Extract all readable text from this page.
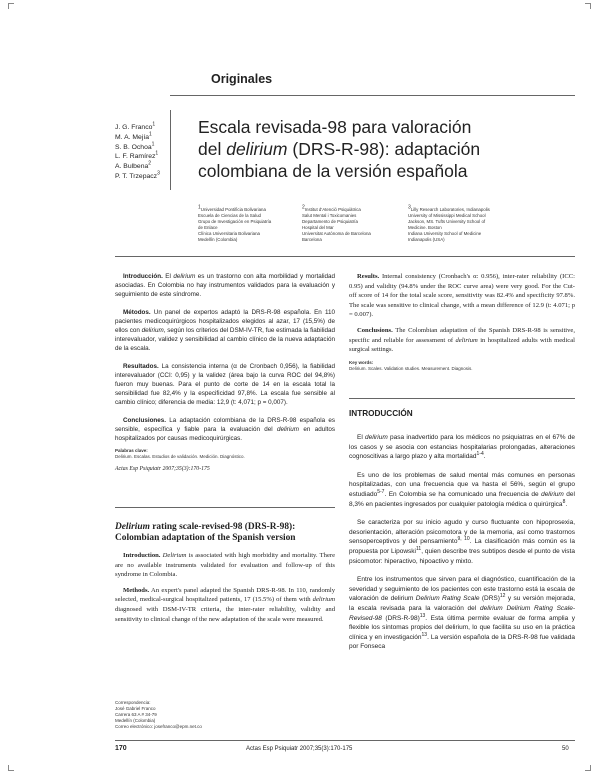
Originales
J. G. Franco$^1$
M. A. Mejía$^1$
S. B. Ochoa$^1$
L. F. Ramírez$^1$
A. Bulbena$^2$
P. T. Trzepacz$^3$
Escala revisada-98 para valoración
del delirium (DRS-R-98): adaptación
colombiana de la versión española
$^1$Universidad Pontificia Bolivariana
Escuela de Ciencias de la Salud
Grupo de Investigación en Psiquiatría
de Enlace
Clínica Universitaria Bolivariana
Medellín (Colombia)
$^2$Institut d'Atenció Psiquiàtrica
Salut Mental i Toxicomanies
Departamento de Psiquiatría
Hospital del Mar
Universitat Autónoma de Barcelona
Barcelona
$^3$Lilly Research Laboratories, Indianapolis
University of Mississippi Medical School
Jackson, MS. Tufts University School of
Medicine. Boston
Indiana University School of Medicine
Indianapolis (USA)

Introducción. El delirium es un trastorno con alta morbilidad y mortalidad asociadas. En Colombia no hay instrumentos validados para la evaluación y seguimiento de este síndrome.

Métodos. Un panel de expertos adaptó la DRS-R-98 española. En 110 pacientes medicoquirúrgicos hospitalizados elegidos al azar, 17 (15,5%) de ellos con delirium, según los criterios del DSM-IV-TR, fue estimada la fiabilidad interevaluador, validez y sensibilidad al cambio clínico de la nueva adaptación de la escala.

Resultados. La consistencia interna (α de Cronbach 0,956), la fiabilidad interevaluador (CCI: 0,95) y la validez (área bajo la curva ROC del 94,8%) fueron muy buenas. Para el punto de corte de 14 en la escala total la sensibilidad fue 82,4% y la especificidad 97,8%. La escala fue sensible al cambio clínico; diferencia de media: 12,9 (t: 4,071; p = 0,007).

Conclusiones. La adaptación colombiana de la DRS-R-98 española es sensible, específica y fiable para la evaluación del delirium en adultos hospitalizados por causas medicoquirúrgicas.

Palabras clave:
Delirium. Escalas. Estudios de validación. Medición. Diagnóstico.
Actas Esp Psiquiatr 2007;35(3):170-175
Delirium rating scale-revised-98 (DRS-R-98):
Colombian adaptation of the Spanish version

Introduction. Delirium is associated with high morbidity and mortality. There are no available instruments validated for evaluation and follow-up of this syndrome in Colombia.

Methods. An expert's panel adapted the Spanish DRS-R-98. In 110, randomly selected, medical-surgical hospitalized patients, 17 (15.5%) of them with delirium diagnosed with DSM-IV-TR criteria, the inter-rater reliability, validity and sensitivity to clinical change of the new adaptation of the scale were measured.

Correspondencia:
José Gabriel Franco
Carrera 63 A # 34-79
Medellín (Colombia)
Correo electrónico: josefranco@epm.net.co

Results. Internal consistency (Cronbach's α: 0.956), inter-rater reliability (ICC: 0.95) and validity (94.8% under the ROC curve area) were very good. For the Cut-off score of 14 for the total scale score, sensitivity was 82.4% and specificity 97.8%. The scale was sensitive to clinical change, with a mean difference of 12.9 (t: 4.071; p = 0.007).

Conclusions. The Colombian adaptation of the Spanish DRS-R-98 is sensitive, specific and reliable for assessment of delirium in hospitalized adults with medical surgical settings.

Key words:
Delirium. Scales. Validation studies. Measurement. Diagnosis.
INTRODUCCIÓN

El delirium pasa inadvertido para los médicos no psiquiatras en el 67% de los casos y se asocia con estancias hospitalarias prolongadas, alteraciones cognoscitivas a largo plazo y alta mortalidad$^{1-4}$.

Es uno de los problemas de salud mental más comunes en personas hospitalizadas, con una frecuencia que va hasta el 56%, según el grupo estudiado$^{5-7}$. En Colombia se ha comunicado una frecuencia de delirium del 8,3% en pacientes ingresados por cualquier patología médica o quirúrgica$^8$.

Se caracteriza por su inicio agudo y curso fluctuante con hipoprosexia, desorientación, alteración psicomotora y de la memoria, así como trastornos sensoperceptivos y del pensamiento$^{9, 10}$. La clasificación más común es la propuesta por Lipowski$^{11}$, quien describe tres subtipos desde el punto de vista psicomotor: hiperactivo, hipoactivo y mixto.

Entre los instrumentos que sirven para el diagnóstico, cuantificación de la severidad y seguimiento de los pacientes con este trastorno está la escala de valoración de delirium Delirium Rating Scale (DRS)$^{12}$ y su versión mejorada, la escala revisada para la valoración del delirium Delirium Rating Scale-Revised-98 $(DRS-R-98)^{13}$. Esta última permite evaluar de forma amplia y flexible los síntomas propios del delirium, lo que facilita su uso en la práctica clínica y en investigación$^{13}$. La versión española de la DRS-R-98 fue validada por Fonseca

170	Actas Esp Psiquiatr 2007;35(3):170-175	50
